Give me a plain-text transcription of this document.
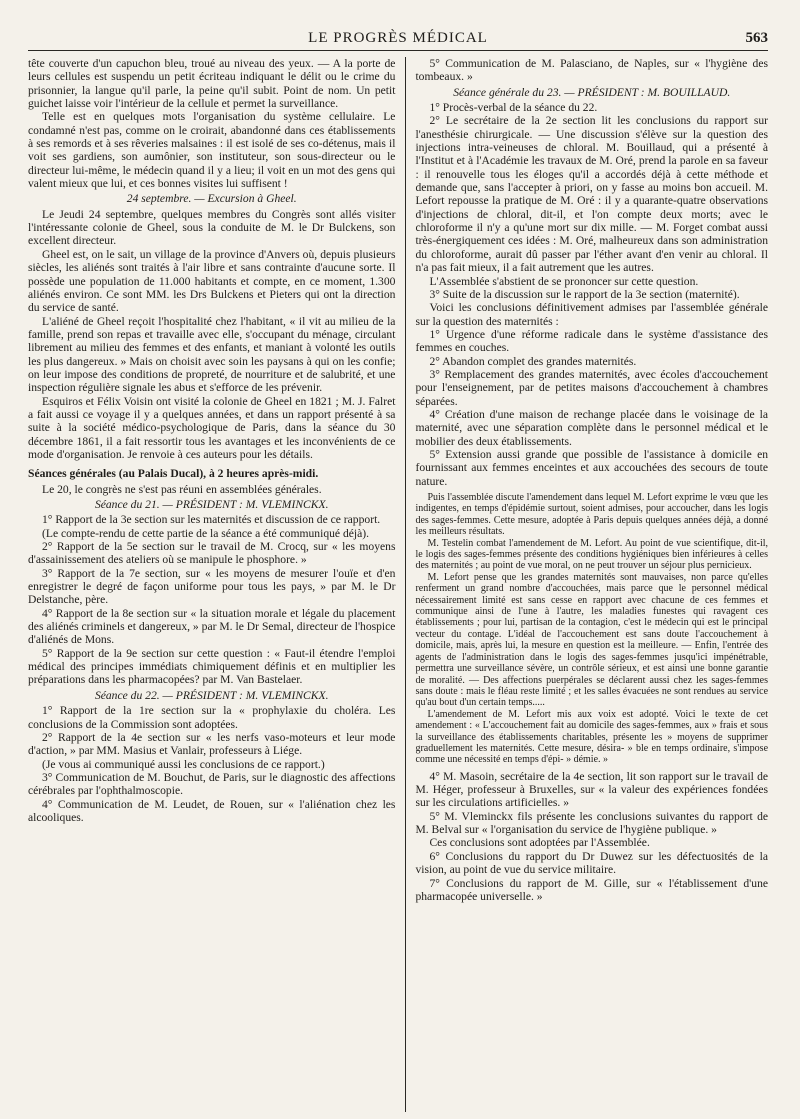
LE PROGRÈS MÉDICAL	563

tête couverte d'un capuchon bleu, troué au niveau des yeux. — A la porte de leurs cellules est suspendu un petit écriteau indiquant le délit ou le crime du prisonnier, la langue qu'il parle, la peine qu'il subit. Point de nom. Un petit guichet laisse voir l'intérieur de la cellule et permet la surveillance.

Telle est en quelques mots l'organisation du système cellulaire. Le condamné n'est pas, comme on le croirait, abandonné dans ces établissements à ses remords et à ses rêveries malsaines : il est isolé de ses co-détenus, mais il voit ses gardiens, son aumônier, son instituteur, son sous-directeur ou le directeur lui-même, le médecin quand il y a lieu; il voit en un mot des gens qui valent mieux que lui, et ces bonnes visites lui suffisent !

24 septembre. — Excursion à Gheel.

Le Jeudi 24 septembre, quelques membres du Congrès sont allés visiter l'intéressante colonie de Gheel, sous la conduite de M. le Dr Bulckens, son excellent directeur.

Gheel est, on le sait, un village de la province d'Anvers où, depuis plusieurs siècles, les aliénés sont traités à l'air libre et sans contrainte d'aucune sorte. Il possède une population de 11.000 habitants et compte, en ce moment, 1.300 aliénés environ. Ce sont MM. les Drs Bulckens et Pieters qui ont la direction du service de santé.

L'aliéné de Gheel reçoit l'hospitalité chez l'habitant, « il vit au milieu de la famille, prend son repas et travaille avec elle, s'occupant du ménage, circulant librement au milieu des femmes et des enfants, et maniant à volonté les outils les plus dangereux. » Mais on choisit avec soin les paysans à qui on les confie; on leur impose des conditions de propreté, de nourriture et de salubrité, et une inspection régulière signale les abus et s'efforce de les prévenir.

Esquiros et Félix Voisin ont visité la colonie de Gheel en 1821 ; M. J. Falret a fait aussi ce voyage il y a quelques années, et dans un rapport présenté à sa suite à la société médico-psychologique de Paris, dans la séance du 30 décembre 1861, il a fait ressortir tous les avantages et les inconvénients de ce mode d'organisation. Je renvoie à ces auteurs pour les détails.

Séances générales (au Palais Ducal), à 2 heures après-midi.

Le 20, le congrès ne s'est pas réuni en assemblées générales.

Séance du 21. — PRÉSIDENT : M. VLEMINCKX.

1° Rapport de la 3e section sur les maternités et discussion de ce rapport.

(Le compte-rendu de cette partie de la séance a été communiqué déjà).

2° Rapport de la 5e section sur le travail de M. Crocq, sur « les moyens d'assainissement des ateliers où se manipule le phosphore. »

3° Rapport de la 7e section, sur « les moyens de mesurer l'ouïe et d'en enregistrer le degré de façon uniforme pour tous les pays, » par M. le Dr Delstanche, père.

4° Rapport de la 8e section sur « la situation morale et légale du placement des aliénés criminels et dangereux, » par M. le Dr Semal, directeur de l'hospice d'aliénés de Mons.

5° Rapport de la 9e section sur cette question : « Faut-il étendre l'emploi médical des principes immédiats chimiquement définis et en multiplier les préparations dans les pharmacopées? par M. Van Bastelaer.

Séance du 22. — PRÉSIDENT : M. VLEMINCKX.

1° Rapport de la 1re section sur la « prophylaxie du choléra. Les conclusions de la Commission sont adoptées.

2° Rapport de la 4e section sur « les nerfs vaso-moteurs et leur mode d'action, » par MM. Masius et Vanlair, professeurs à Liége.

(Je vous ai communiqué aussi les conclusions de ce rapport.)

3° Communication de M. Bouchut, de Paris, sur le diagnostic des affections cérébrales par l'ophthalmoscopie.

4° Communication de M. Leudet, de Rouen, sur « l'aliénation chez les alcooliques.

5° Communication de M. Palasciano, de Naples, sur « l'hygiène des tombeaux. »

Séance générale du 23. — PRÉSIDENT : M. BOUILLAUD.

1° Procès-verbal de la séance du 22.

2° Le secrétaire de la 2e section lit les conclusions du rapport sur l'anesthésie chirurgicale. — Une discussion s'élève sur la question des injections intra-veineuses de chloral. M. Bouillaud, qui a présenté à l'Institut et à l'Académie les travaux de M. Oré, prend la parole en sa faveur : il renouvelle tous les éloges qu'il a accordés déjà à cette méthode et demande que, sans l'accepter à priori, on y fasse au moins bon accueil. M. Lefort repousse la pratique de M. Oré : il y a quarante-quatre observations d'injections de chloral, dit-il, et l'on compte deux morts; avec le chloroforme il n'y a qu'une mort sur dix mille. — M. Forget combat aussi très-énergiquement ces idées : M. Oré, malheureux dans son administration du chloroforme, aurait dû passer par l'éther avant d'en venir au chloral. Il n'a pas fait mieux, il a fait autrement que les autres.

L'Assemblée s'abstient de se prononcer sur cette question.

3° Suite de la discussion sur le rapport de la 3e section (maternité).

Voici les conclusions définitivement admises par l'assemblée générale sur la question des maternités :

1° Urgence d'une réforme radicale dans le système d'assistance des femmes en couches.

2° Abandon complet des grandes maternités.

3° Remplacement des grandes maternités, avec écoles d'accouchement pour l'enseignement, par de petites maisons d'accouchement à chambres séparées.

4° Création d'une maison de rechange placée dans le voisinage de la maternité, avec une séparation complète dans le personnel médical et le mobilier des deux établissements.

5° Extension aussi grande que possible de l'assistance à domicile en fournissant aux femmes enceintes et aux accouchées des secours de toute nature.

Puis l'assemblée discute l'amendement dans lequel M. Lefort exprime le vœu que les indigentes, en temps d'épidémie surtout, soient admises, pour accoucher, dans les logis des sages-femmes. Cette mesure, adoptée à Paris depuis quelques années déjà, a donné les meilleurs résultats.

M. Testelin combat l'amendement de M. Lefort. Au point de vue scientifique, dit-il, le logis des sages-femmes présente des conditions hygiéniques bien inférieures à celles des maternités ; au point de vue moral, on ne peut trouver un séjour plus pernicieux.

M. Lefort pense que les grandes maternités sont mauvaises, non parce qu'elles renferment un grand nombre d'accouchées, mais parce que le personnel médical nécessairement limité est sans cesse en rapport avec chacune de ces femmes et communique ainsi de l'une à l'autre, les maladies funestes qui ravagent ces établissements ; pour lui, partisan de la contagion, c'est le médecin qui est le principal vecteur du contage. L'idéal de l'accouchement est sans doute l'accouchement à domicile, mais, après lui, la mesure en question est la meilleure. — Enfin, l'entrée des agents de l'administration dans le logis des sages-femmes jusqu'ici impénétrable, permettra une surveillance sévère, un contrôle sérieux, et est ainsi une bonne garantie de moralité. — Des affections puerpérales se déclarent aussi chez les sages-femmes sans doute : mais le fléau reste limité ; et les salles évacuées ne sont rendues au service qu'au bout d'un certain temps.....

L'amendement de M. Lefort mis aux voix est adopté. Voici le texte de cet amendement : « L'accouchement fait au domicile des sages-femmes, aux » frais et sous la surveillance des établissements charitables, présente les » moyens de supprimer graduellement les maternités. Cette mesure, désira- » ble en temps ordinaire, s'impose comme une nécessité en temps d'épi- » démie. »

4° M. Masoin, secrétaire de la 4e section, lit son rapport sur le travail de M. Héger, professeur à Bruxelles, sur « la valeur des expériences fondées sur les circulations artificielles. »

5° M. Vleminckx fils présente les conclusions suivantes du rapport de M. Belval sur « l'organisation du service de l'hygiène publique. »

Ces conclusions sont adoptées par l'Assemblée.

6° Conclusions du rapport du Dr Duwez sur les défectuosités de la vision, au point de vue du service militaire.

7° Conclusions du rapport de M. Gille, sur « l'établissement d'une pharmacopée universelle. »
